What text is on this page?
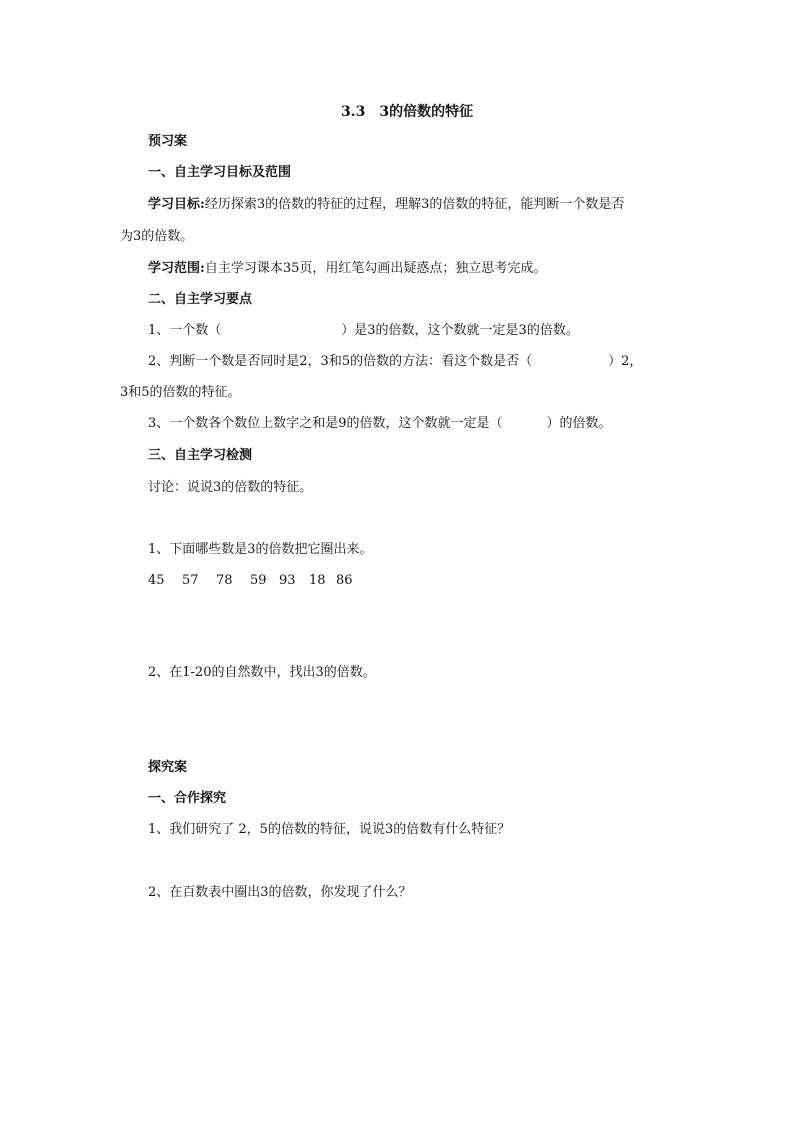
3.3　3的倍数的特征
预习案
一、自主学习目标及范围
学习目标:经历探索3的倍数的特征的过程，理解3的倍数的特征，能判断一个数是否
为3的倍数。
学习范围:自主学习课本35页，用红笔勾画出疑惑点；独立思考完成。
二、自主学习要点
1、一个数（	）是3的倍数，这个数就一定是3的倍数。
2、判断一个数是否同时是2，3和5的倍数的方法：看这个数是否（	）2，
3和5的倍数的特征。
3、一个数各个数位上数字之和是9的倍数，这个数就一定是（	）的倍数。
三、自主学习检测
讨论：说说3的倍数的特征。
1、下面哪些数是3的倍数把它圈出来。
45 57 78 59 93 18 86
2、在1-20的自然数中，找出3的倍数。
探究案
一、合作探究
1、我们研究了 2，5的倍数的特征，说说3的倍数有什么特征？
2、在百数表中圈出3的倍数，你发现了什么？
